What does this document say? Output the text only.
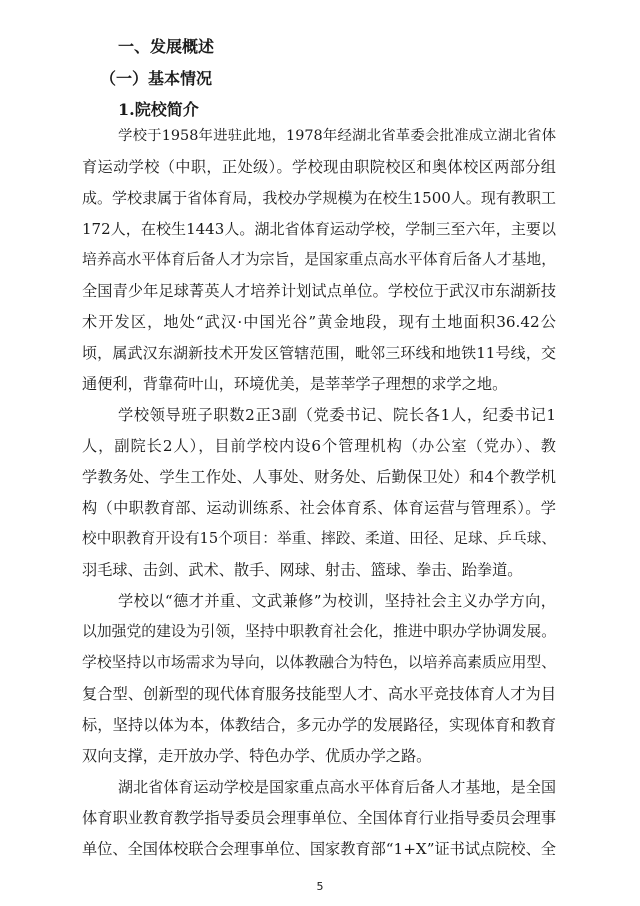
一、发展概述
（一）基本情况
1.院校简介
学校于1958年进驻此地，1978年经湖北省革委会批准成立湖北省体
育运动学校（中职，正处级）。学校现由职院校区和奥体校区两部分组
成。学校隶属于省体育局，我校办学规模为在校生1500人。现有教职工
172人，在校生1443人。湖北省体育运动学校，学制三至六年，主要以
培养高水平体育后备人才为宗旨，是国家重点高水平体育后备人才基地，
全国青少年足球菁英人才培养计划试点单位。学校位于武汉市东湖新技
术开发区，地处“武汉·中国光谷”黄金地段，现有土地面积36.42公
顷，属武汉东湖新技术开发区管辖范围，毗邻三环线和地铁11号线，交
通便利，背靠荷叶山，环境优美，是莘莘学子理想的求学之地。
学校领导班子职数2正3副（党委书记、院长各1人，纪委书记1
人，副院长2人），目前学校内设6个管理机构（办公室（党办）、教
学教务处、学生工作处、人事处、财务处、后勤保卫处）和4个教学机
构（中职教育部、运动训练系、社会体育系、体育运营与管理系）。学
校中职教育开设有15个项目：举重、摔跤、柔道、田径、足球、乒乓球、
羽毛球、击剑、武术、散手、网球、射击、篮球、拳击、跆拳道。
学校以“德才并重、文武兼修”为校训，坚持社会主义办学方向，
以加强党的建设为引领，坚持中职教育社会化，推进中职办学协调发展。
学校坚持以市场需求为导向，以体教融合为特色，以培养高素质应用型、
复合型、创新型的现代体育服务技能型人才、高水平竞技体育人才为目
标，坚持以体为本，体教结合，多元办学的发展路径，实现体育和教育
双向支撑，走开放办学、特色办学、优质办学之路。
湖北省体育运动学校是国家重点高水平体育后备人才基地，是全国
体育职业教育教学指导委员会理事单位、全国体育行业指导委员会理事
单位、全国体校联合会理事单位、国家教育部“1+X”证书试点院校、全
5
